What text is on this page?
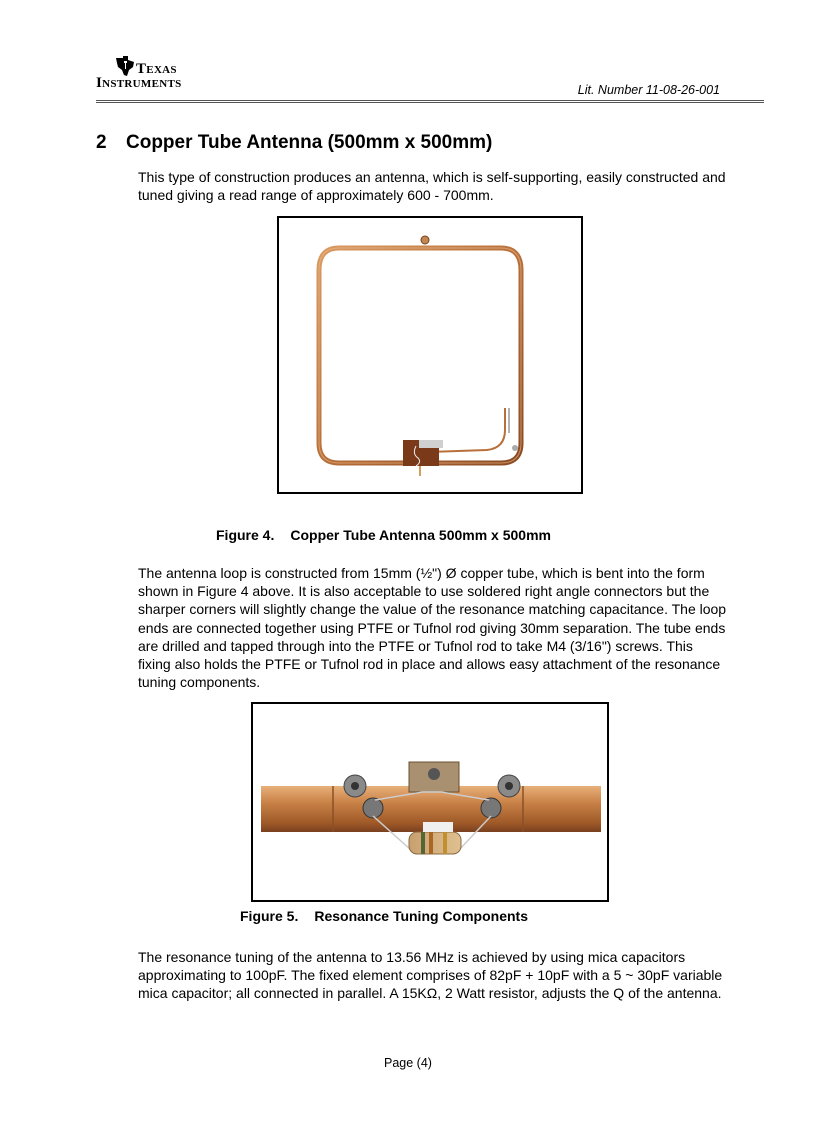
Texas
Instruments	Lit. Number 11-08-26-001
2 Copper Tube Antenna (500mm x 500mm)

This type of construction produces an antenna, which is self-supporting, easily constructed and tuned giving a read range of approximately 600 - 700mm.

Figure 4. Copper Tube Antenna 500mm x 500mm

The antenna loop is constructed from 15mm (½") Ø copper tube, which is bent into the form shown in Figure 4 above. It is also acceptable to use soldered right angle connectors but the sharper corners will slightly change the value of the resonance matching capacitance. The loop ends are connected together using PTFE or Tufnol rod giving 30mm separation. The tube ends are drilled and tapped through into the PTFE or Tufnol rod to take M4 (3/16") screws. This fixing also holds the PTFE or Tufnol rod in place and allows easy attachment of the resonance tuning components.

Figure 5. Resonance Tuning Components

The resonance tuning of the antenna to 13.56 MHz is achieved by using mica capacitors approximating to 100pF. The fixed element comprises of 82pF + 10pF with a 5 ~ 30pF variable mica capacitor; all connected in parallel. A 15KΩ, 2 Watt resistor, adjusts the Q of the antenna.

Page (4)
